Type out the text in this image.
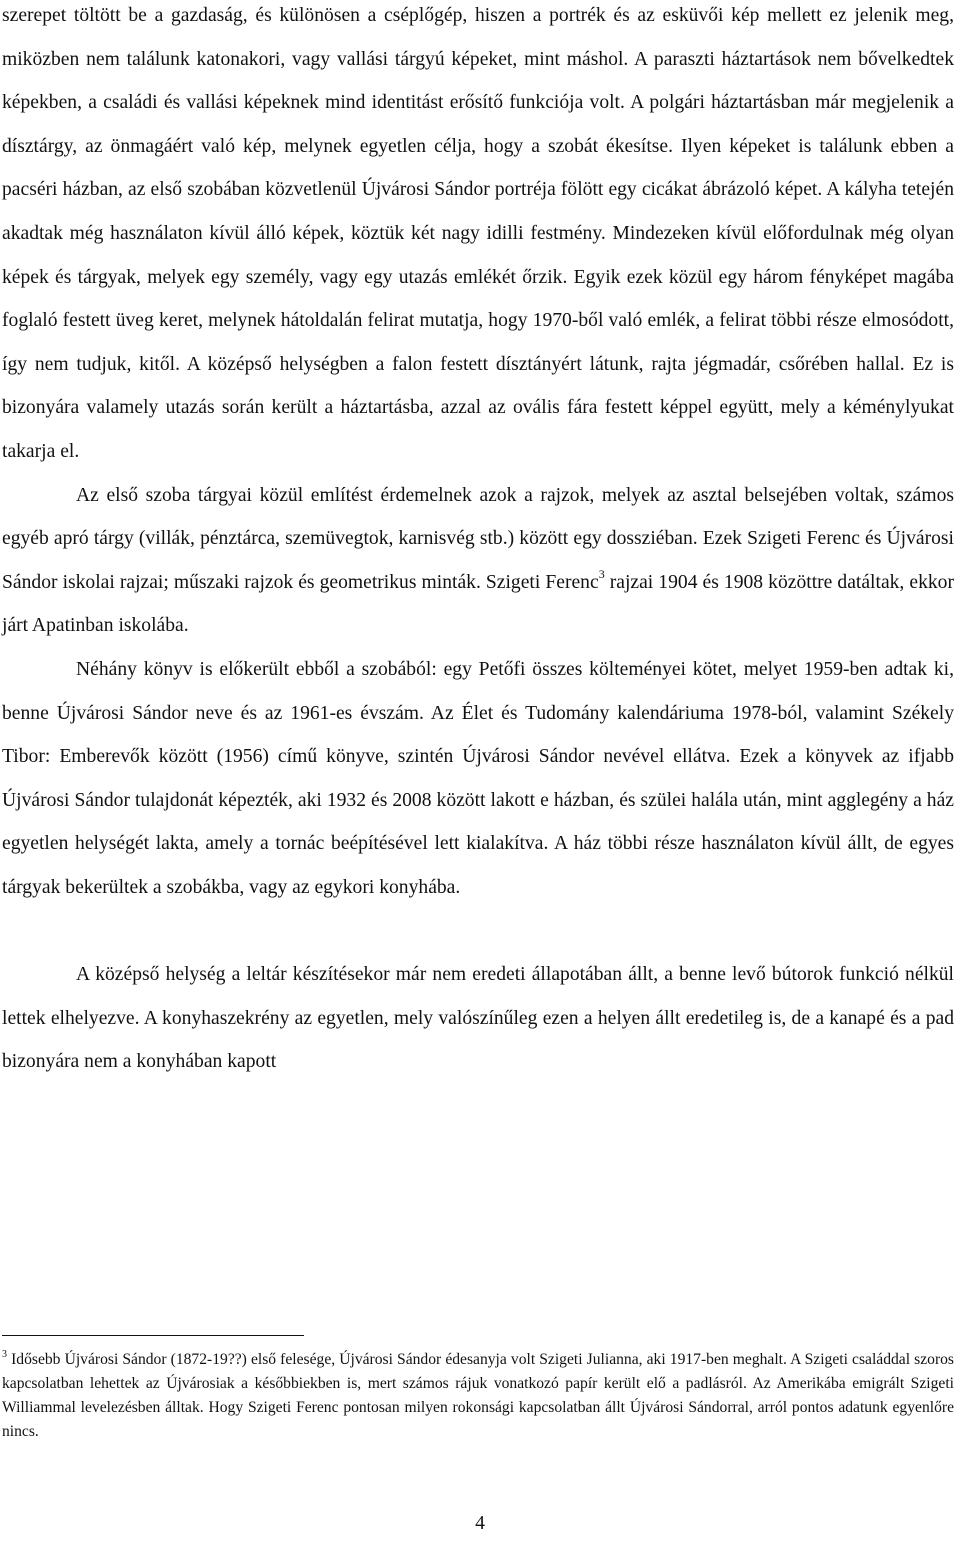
szerepet töltött be a gazdaság, és különösen a cséplőgép, hiszen a portrék és az esküvői kép mellett ez jelenik meg, miközben nem találunk katonakori, vagy vallási tárgyú képeket, mint máshol. A paraszti háztartások nem bővelkedtek képekben, a családi és vallási képeknek mind identitást erősítő funkciója volt. A polgári háztartásban már megjelenik a dísztárgy, az önmagáért való kép, melynek egyetlen célja, hogy a szobát ékesítse. Ilyen képeket is találunk ebben a pacséri házban, az első szobában közvetlenül Újvárosi Sándor portréja fölött egy cicákat ábrázoló képet. A kályha tetején akadtak még használaton kívül álló képek, köztük két nagy idilli festmény. Mindezeken kívül előfordulnak még olyan képek és tárgyak, melyek egy személy, vagy egy utazás emlékét őrzik. Egyik ezek közül egy három fényképet magába foglaló festett üveg keret, melynek hátoldalán felirat mutatja, hogy 1970-ből való emlék, a felirat többi része elmosódott, így nem tudjuk, kitől. A középső helységben a falon festett dísztányért látunk, rajta jégmadár, csőrében hallal. Ez is bizonyára valamely utazás során került a háztartásba, azzal az ovális fára festett képpel együtt, mely a kéménylyukat takarja el.

Az első szoba tárgyai közül említést érdemelnek azok a rajzok, melyek az asztal belsejében voltak, számos egyéb apró tárgy (villák, pénztárca, szemüvegtok, karnisvég stb.) között egy dossziéban. Ezek Szigeti Ferenc és Újvárosi Sándor iskolai rajzai; műszaki rajzok és geometrikus minták. Szigeti Ferenc$^3$ rajzai 1904 és 1908 közöttre datáltak, ekkor járt Apatinban iskolába.

Néhány könyv is előkerült ebből a szobából: egy Petőfi összes költeményei kötet, melyet 1959-ben adtak ki, benne Újvárosi Sándor neve és az 1961-es évszám. Az Élet és Tudomány kalendáriuma 1978-ból, valamint Székely Tibor: Emberevők között (1956) című könyve, szintén Újvárosi Sándor nevével ellátva. Ezek a könyvek az ifjabb Újvárosi Sándor tulajdonát képezték, aki 1932 és 2008 között lakott e házban, és szülei halála után, mint agglegény a ház egyetlen helységét lakta, amely a tornác beépítésével lett kialakítva. A ház többi része használaton kívül állt, de egyes tárgyak bekerültek a szobákba, vagy az egykori konyhába.

A középső helység a leltár készítésekor már nem eredeti állapotában állt, a benne levő bútorok funkció nélkül lettek elhelyezve. A konyhaszekrény az egyetlen, mely valószínűleg ezen a helyen állt eredetileg is, de a kanapé és a pad bizonyára nem a konyhában kapott

$^3$ Idősebb Újvárosi Sándor (1872-19??) első felesége, Újvárosi Sándor édesanyja volt Szigeti Julianna, aki 1917-ben meghalt. A Szigeti családdal szoros kapcsolatban lehettek az Újvárosiak a későbbiekben is, mert számos rájuk vonatkozó papír került elő a padlásról. Az Amerikába emigrált Szigeti Williammal levelezésben álltak. Hogy Szigeti Ferenc pontosan milyen rokonsági kapcsolatban állt Újvárosi Sándorral, arról pontos adatunk egyenlőre nincs.

4
